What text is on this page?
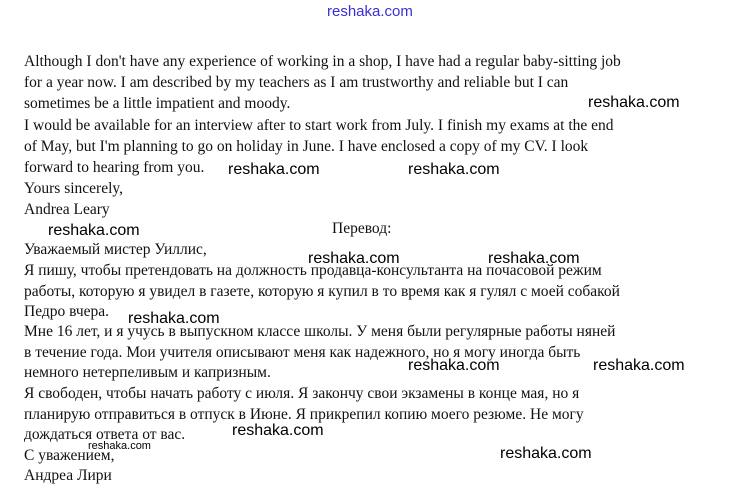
Although I don't have any experience of working in a shop, I have had a regular baby-sitting job
for a year now. I am described by my teachers as I am trustworthy and reliable but I can
sometimes be a little impatient and moody.
I would be available for an interview after to start work from July. I finish my exams at the end
of May, but I'm planning to go on holiday in June. I have enclosed a copy of my CV. I look
forward to hearing from you.
Yours sincerely,
Andrea Leary
Перевод:
Уважаемый мистер Уиллис,
Я пишу, чтобы претендовать на должность продавца-консультанта на почасовой режим
работы, которую я увидел в газете, которую я купил в то время как я гулял с моей собакой
Педро вчера.
Мне 16 лет, и я учусь в выпускном классе школы. У меня были регулярные работы няней
в течение года. Мои учителя описывают меня как надежного, но я могу иногда быть
немного нетерпеливым и капризным.
Я свободен, чтобы начать работу с июля. Я закончу свои экзамены в конце мая, но я
планирую отправиться в отпуск в Июне. Я прикрепил копию моего резюме. Не могу
дождаться ответа от вас.
С уважением,
Андреа Лири
reshaka.com
reshaka.com
reshaka.com	reshaka.com
reshaka.com
reshaka.com	reshaka.com
reshaka.com
reshaka.com	reshaka.com
reshaka.com
reshaka.com	reshaka.com
